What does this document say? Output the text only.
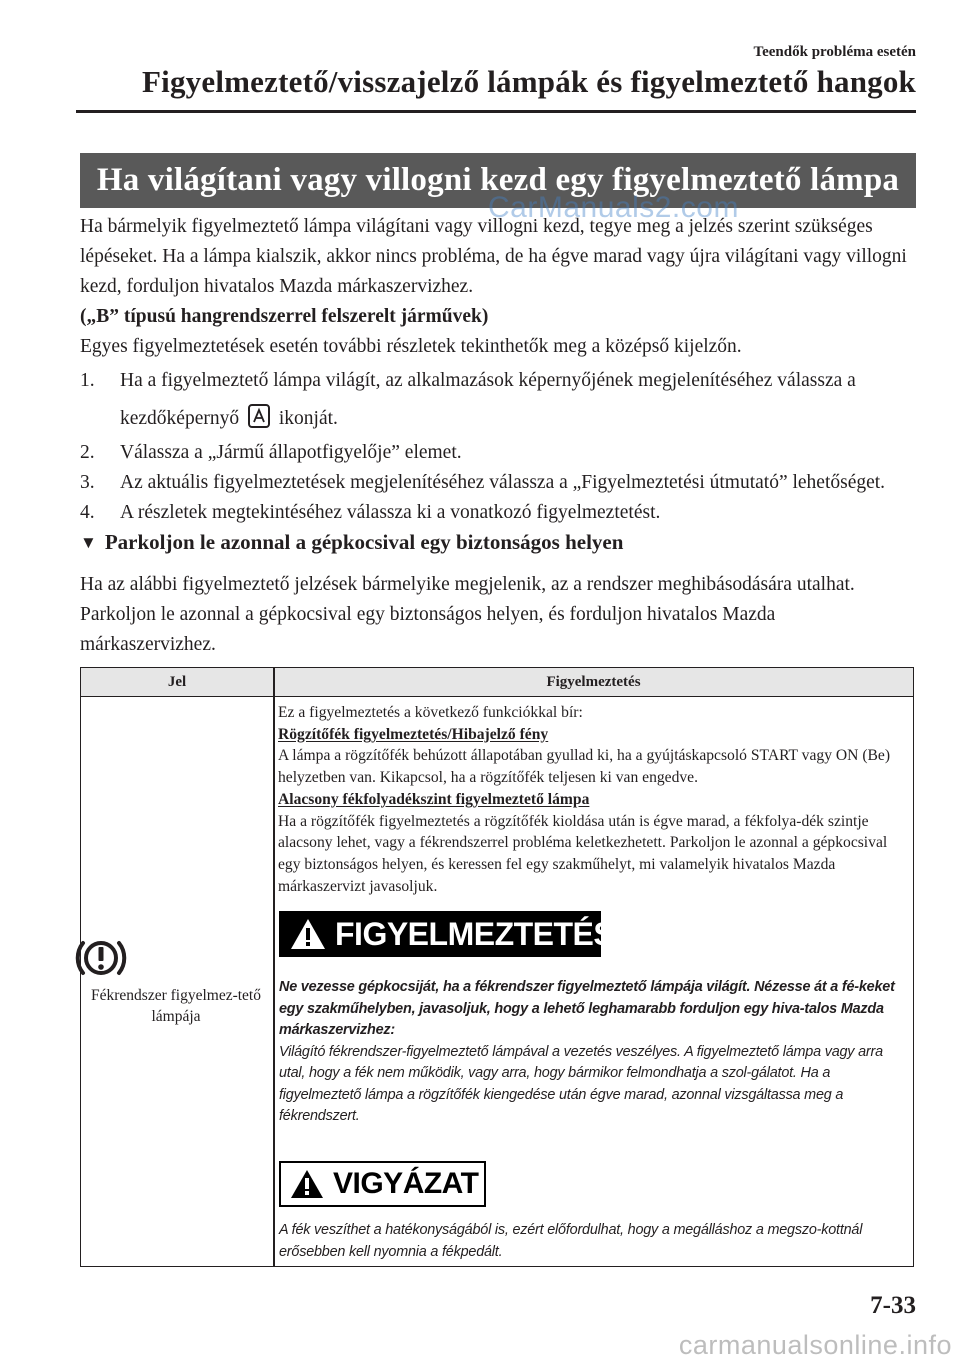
Teendők probléma esetén
Figyelmeztető/visszajelző lámpák és figyelmeztető hangok
Ha világítani vagy villogni kezd egy figyelmeztető lámpa
CarManuals2.com

Ha bármelyik figyelmeztető lámpa világítani vagy villogni kezd, tegye meg a jelzés szerint szükséges lépéseket. Ha a lámpa kialszik, akkor nincs probléma, de ha égve marad vagy újra világítani vagy villogni kezd, forduljon hivatalos Mazda márkaszervizhez.

(„B” típusú hangrendszerrel felszerelt járművek)

Egyes figyelmeztetések esetén további részletek tekinthetők meg a középső kijelzőn.

1. Ha a figyelmeztető lámpa világít, az alkalmazások képernyőjének megjelenítéséhez válassza a kezdőképernyő ikonját.
2. Válassza a „Jármű állapotfigyelője” elemet.
3. Az aktuális figyelmeztetések megjelenítéséhez válassza a „Figyelmeztetési útmutató” lehetőséget.
4. A részletek megtekintéséhez válassza ki a vonatkozó figyelmeztetést.
▼ Parkoljon le azonnal a gépkocsival egy biztonságos helyen
Ha az alábbi figyelmeztető jelzések bármelyike megjelenik, az a rendszer meghibásodására utalhat. Parkoljon le azonnal a gépkocsival egy biztonságos helyen, és forduljon hivatalos Mazda márkaszervizhez.
Jel	Figyelmeztetés
Fékrendszer figyelmez-tető lámpája

Ez a figyelmeztetés a következő funkciókkal bír:

Rögzítőfék figyelmeztetés/Hibajelző fény

A lámpa a rögzítőfék behúzott állapotában gyullad ki, ha a gyújtáskapcsoló START vagy ON (Be) helyzetben van. Kikapcsol, ha a rögzítőfék teljesen ki van engedve.

Alacsony fékfolyadékszint figyelmeztető lámpa

Ha a rögzítőfék figyelmeztetés a rögzítőfék kioldása után is égve marad, a fékfolya-dék szintje alacsony lehet, vagy a fékrendszerrel probléma keletkezhetett. Parkoljon le azonnal a gépkocsival egy biztonságos helyen, és keressen fel egy szakműhelyt, mi valamelyik hivatalos Mazda márkaszervizt javasoljuk.

FIGYELMEZTETÉS

Ne vezesse gépkocsiját, ha a fékrendszer figyelmeztető lámpája világít. Nézesse át a fé-keket egy szakműhelyben, javasoljuk, hogy a lehető leghamarabb forduljon egy hiva-talos Mazda márkaszervizhez:

Világító fékrendszer-figyelmeztető lámpával a vezetés veszélyes. A figyelmeztető lámpa vagy arra utal, hogy a fék nem működik, vagy arra, hogy bármikor felmondhatja a szol-gálatot. Ha a figyelmeztető lámpa a rögzítőfék kiengedése után égve marad, azonnal vizsgáltassa meg a fékrendszert.

VIGYÁZAT
A fék veszíthet a hatékonyságából is, ezért előfordulhat, hogy a megálláshoz a megszo-kottnál erősebben kell nyomnia a fékpedált.
7-33
carmanualsonline.info
